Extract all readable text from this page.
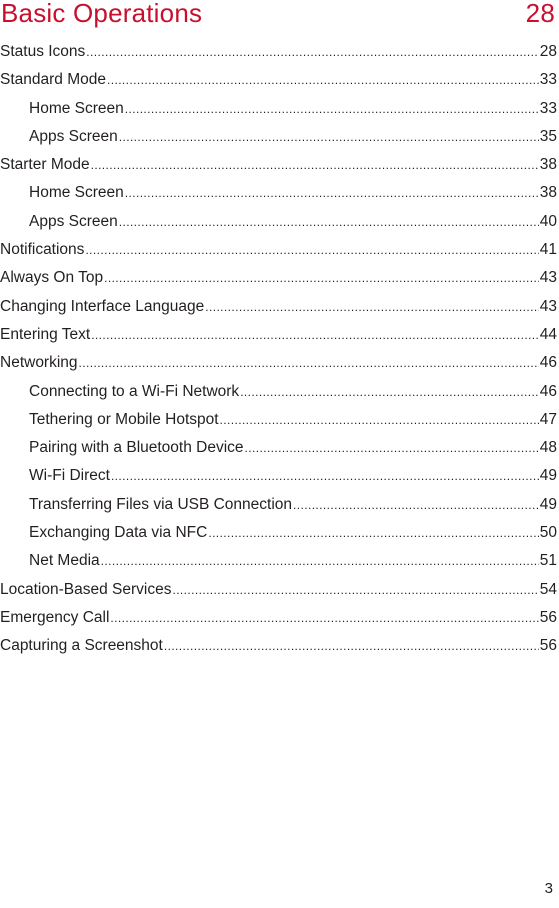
Basic Operations	28
Status Icons .....	28
Standard Mode .....	33
Home Screen .....	33
Apps Screen .....	35
Starter Mode .....	38
Home Screen .....	38
Apps Screen .....	40
Notifications .....	41
Always On Top .....	43
Changing Interface Language .....	43
Entering Text .....	44
Networking .....	46
Connecting to a Wi-Fi Network .....	46
Tethering or Mobile Hotspot .....	47
Pairing with a Bluetooth Device .....	48
Wi-Fi Direct .....	49
Transferring Files via USB Connection .....	49
Exchanging Data via NFC .....	50
Net Media .....	51
Location-Based Services .....	54
Emergency Call .....	56
Capturing a Screenshot .....	56
3
